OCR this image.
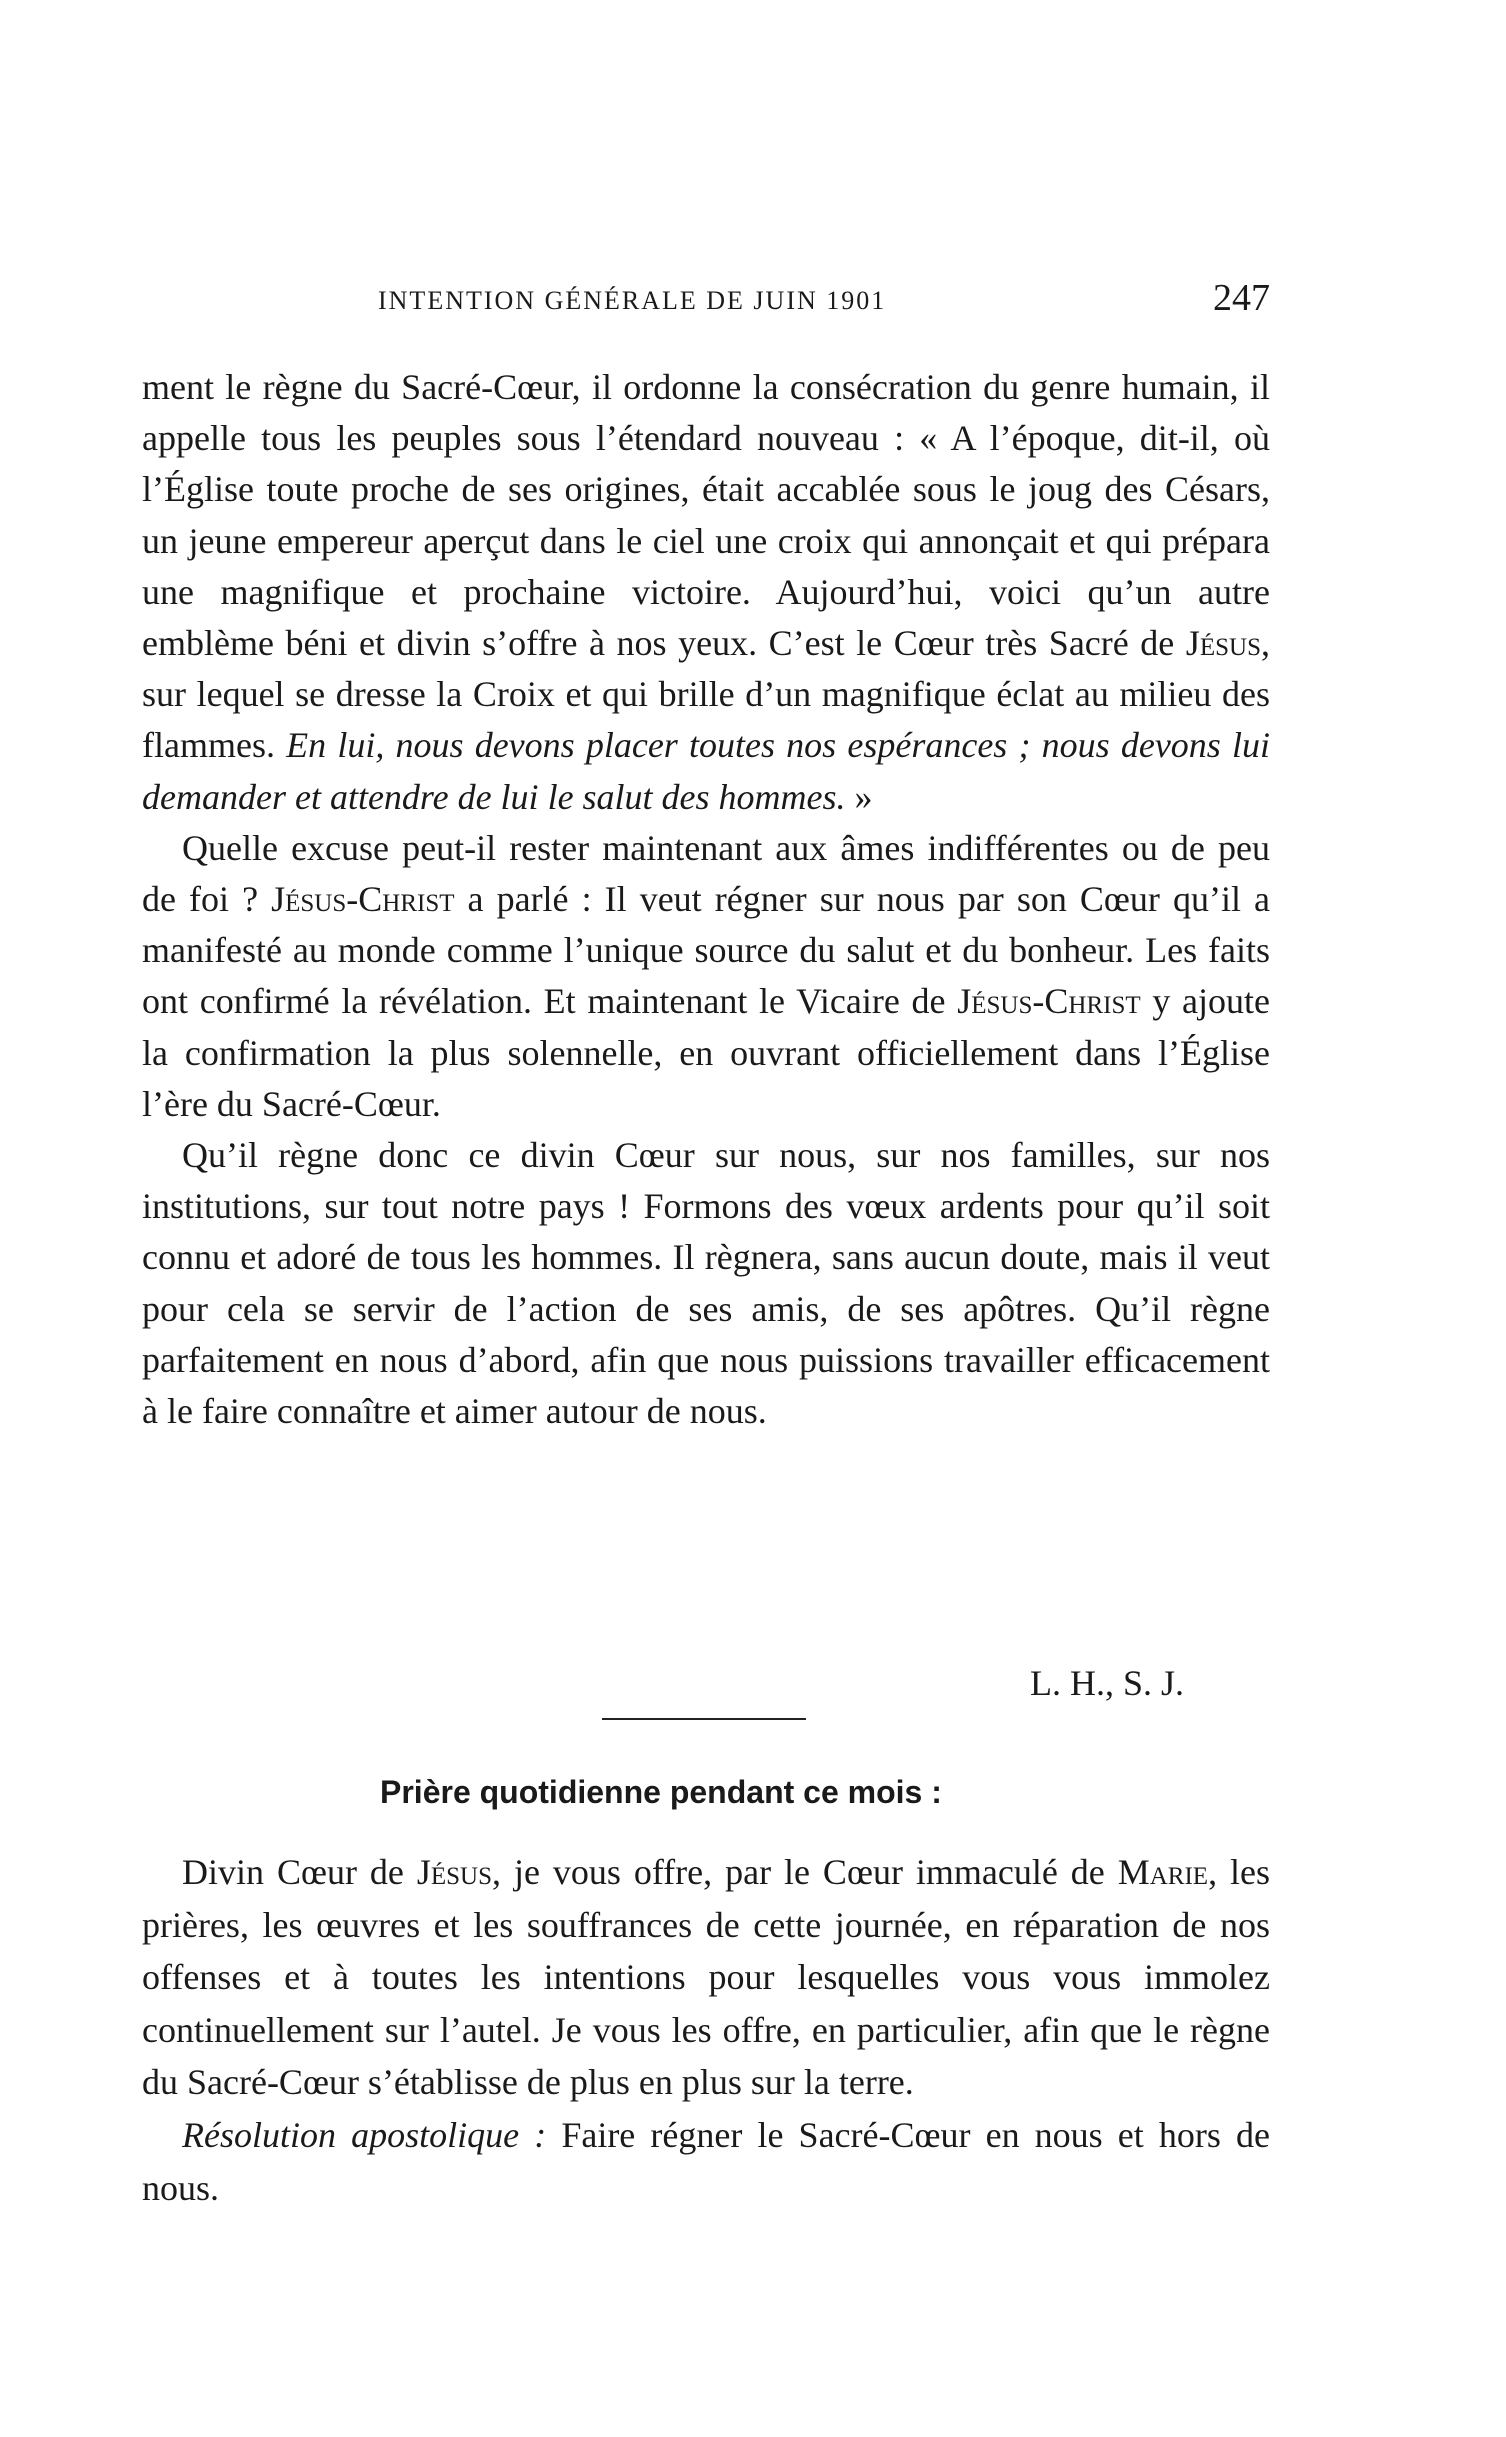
INTENTION GÉNÉRALE DE JUIN 1901	247

ment le règne du Sacré-Cœur, il ordonne la consécration du genre humain, il appelle tous les peuples sous l’étendard nouveau : « A l’époque, dit-il, où l’Église toute proche de ses origines, était accablée sous le joug des Césars, un jeune empereur aperçut dans le ciel une croix qui annonçait et qui prépara une magnifique et prochaine victoire. Aujourd’hui, voici qu’un autre emblème béni et divin s’offre à nos yeux. C’est le Cœur très Sacré de Jésus, sur lequel se dresse la Croix et qui brille d’un magnifique éclat au milieu des flammes. En lui, nous devons placer toutes nos espérances ; nous devons lui demander et attendre de lui le salut des hommes. »

Quelle excuse peut-il rester maintenant aux âmes indifférentes ou de peu de foi ? Jésus-Christ a parlé : Il veut régner sur nous par son Cœur qu’il a manifesté au monde comme l’unique source du salut et du bonheur. Les faits ont confirmé la révélation. Et maintenant le Vicaire de Jésus-Christ y ajoute la confirmation la plus solennelle, en ouvrant officiellement dans l’Église l’ère du Sacré-Cœur.

Qu’il règne donc ce divin Cœur sur nous, sur nos familles, sur nos institutions, sur tout notre pays ! Formons des vœux ardents pour qu’il soit connu et adoré de tous les hommes. Il règnera, sans aucun doute, mais il veut pour cela se servir de l’action de ses amis, de ses apôtres. Qu’il règne parfaitement en nous d’abord, afin que nous puissions travailler efficacement à le faire connaître et aimer autour de nous.

L. H., S. J.
Prière quotidienne pendant ce mois :

Divin Cœur de Jésus, je vous offre, par le Cœur immaculé de Marie, les prières, les œuvres et les souffrances de cette journée, en réparation de nos offenses et à toutes les intentions pour lesquelles vous vous immolez continuellement sur l’autel. Je vous les offre, en particulier, afin que le règne du Sacré-Cœur s’établisse de plus en plus sur la terre.

Résolution apostolique : Faire régner le Sacré-Cœur en nous et hors de nous.
